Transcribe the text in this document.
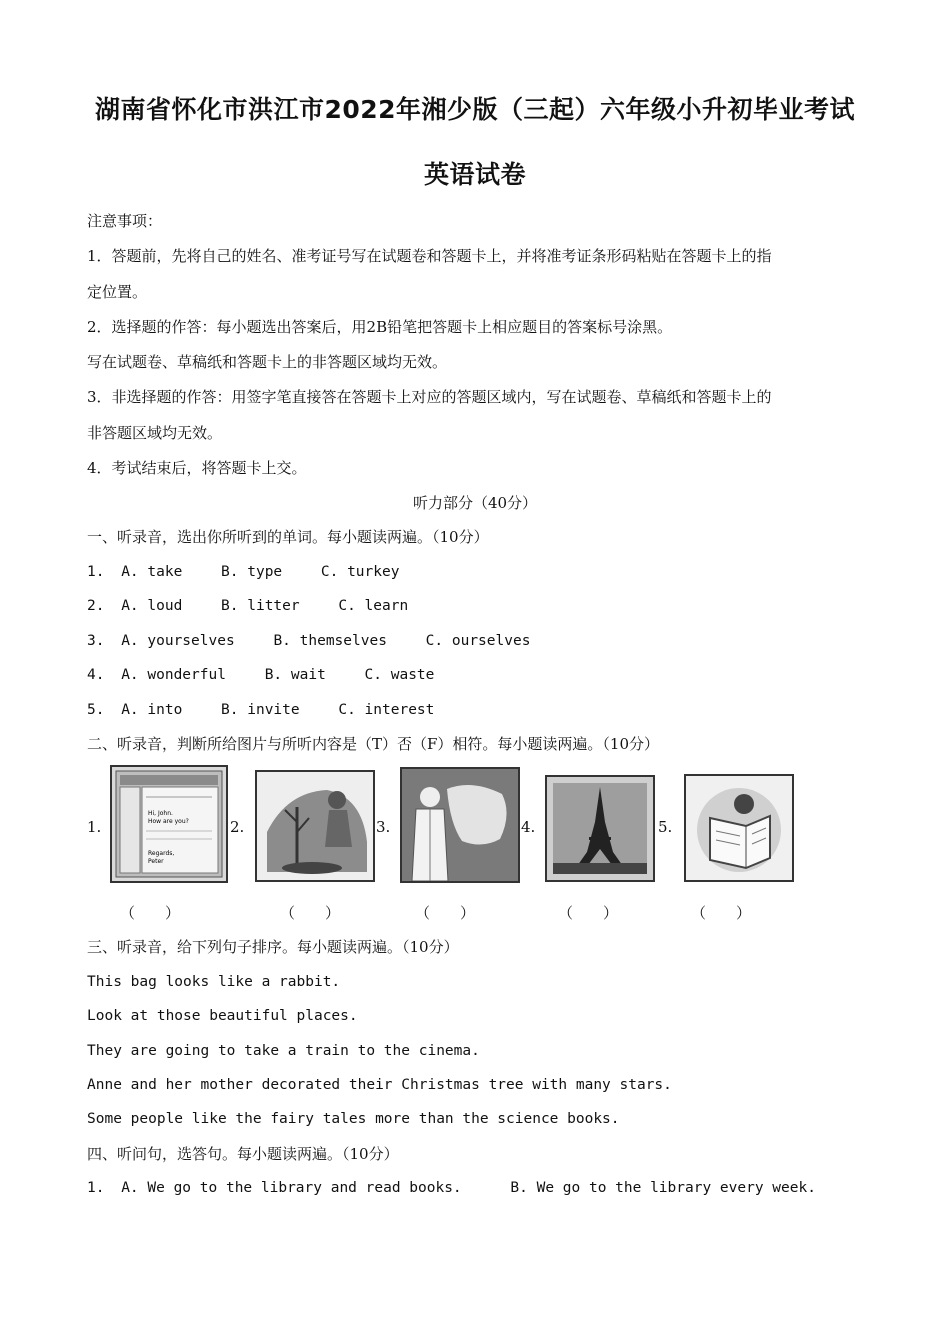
湖南省怀化市洪江市2022年湘少版（三起）六年级小升初毕业考试
英语试卷
注意事项：
1．答题前，先将自己的姓名、准考证号写在试题卷和答题卡上，并将准考证条形码粘贴在答题卡上的指
定位置。
2．选择题的作答：每小题选出答案后，用2B铅笔把答题卡上相应题目的答案标号涂黑。
写在试题卷、草稿纸和答题卡上的非答题区域均无效。
3．非选择题的作答：用签字笔直接答在答题卡上对应的答题区域内，写在试题卷、草稿纸和答题卡上的
非答题区域均无效。
4．考试结束后，将答题卡上交。
听力部分（40分）
一、听录音，选出你所听到的单词。每小题读两遍。（10分）
1. A. take	B. type	C. turkey
2. A. loud	B. litter	C. learn
3. A. yourselves	B. themselves	C. ourselves
4. A. wonderful	B. wait	C. waste
5. A. into	B. invite	C. interest
二、听录音，判断所给图片与所听内容是（T）否（F）相符。每小题读两遍。（10分）
1.
Hi, John.
How are you?
Regards,
Peter
2.	3.	4.	5.
（　　）	（　　）	（　　）	（　　）	（　　）
三、听录音，给下列句子排序。每小题读两遍。（10分）
This bag looks like a rabbit.
Look at those beautiful places.
They are going to take a train to the cinema.
Anne and her mother decorated their Christmas tree with many stars.
Some people like the fairy tales more than the science books.
四、听问句，选答句。每小题读两遍。（10分）
1. A. We go to the library and read books.	B. We go to the library every week.
